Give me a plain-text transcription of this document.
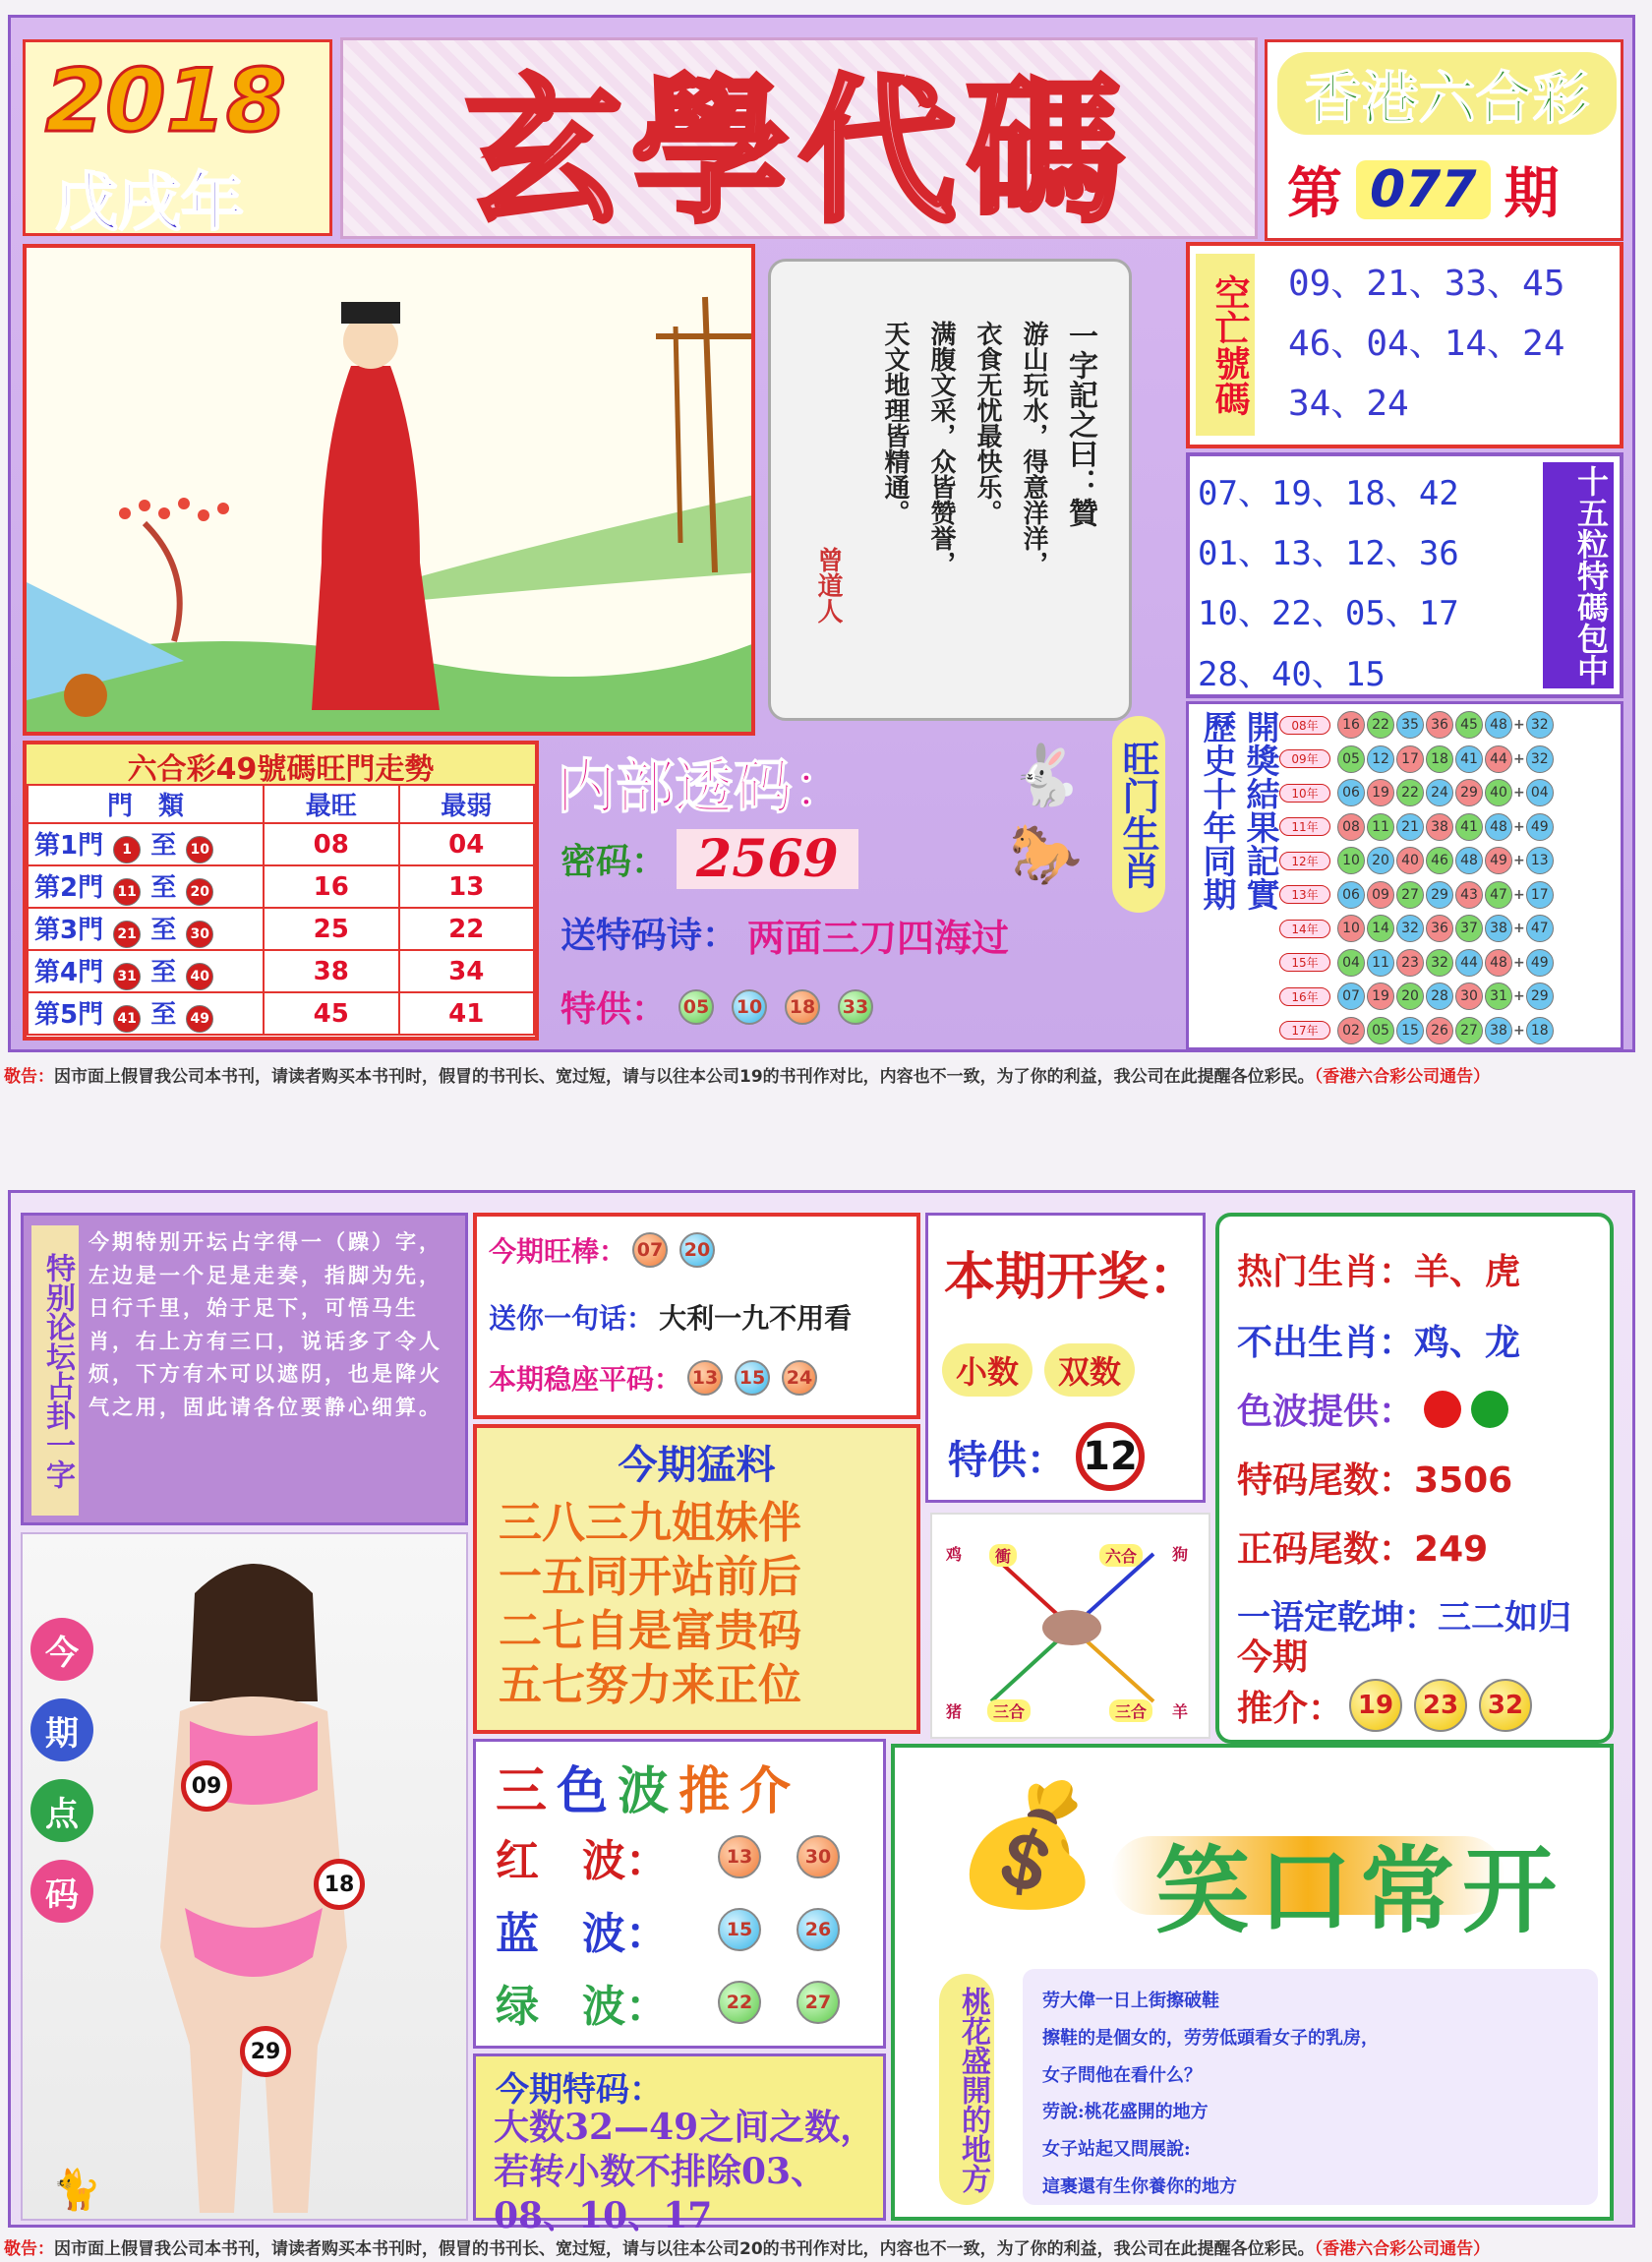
2018
戊戌年 玄學代碼	香港六合彩
第 077 期
一字記之曰：贊
游山玩水，得意洋洋，
衣食无忧最快乐。
满腹文采，众皆赞誉，
天文地理皆精通。
曾道人
空亡號碼 09、21、33、45
46、04、14、24
34、24
07、19、18、42
01、13、12、36
10、22、05、17
28、40、15	十五粒特碼包中
六合彩49號碼旺門走勢
門　類	最旺	最弱
第1門 1 至 10	08	04
第2門 11 至 20	16	13
第3門 21 至 30	25	22
第4門 31 至 40	38	34
第5門 41 至 49	45	41
内部透码：
密码： 2569
送特码诗： 两面三刀四海过
特供： 05 10 18 33
🐇
🐎 旺门生肖 歷史十年同期 開獎結果記實	08年	16 22 35 36 45 48 + 32
09年	05 12 17 18 41 44 + 32
10年	06 19 22 24 29 40 + 04
11年	08 11 21 38 41 48 + 49
12年	10 20 40 46 48 49 + 13
13年	06 09 27 29 43 47 + 17
14年	10 14 32 36 37 38 + 47
15年	04 11 23 32 44 48 + 49
16年	07 19 20 28 30 31 + 29
17年	02 05 15 26 27 38 + 18
敬告：因市面上假冒我公司本书刊，请读者购买本书刊时，假冒的书刊长、宽过短，请与以往本公司19的书刊作对比，内容也不一致，为了你的利益，我公司在此提醒各位彩民。（香港六合彩公司通告）
特别论坛占卦一字
今期特别开坛占字得一（躁）字，左边是一个足是走奏，指脚为先，日行千里，始于足下，可悟马生肖，右上方有三口，说话多了令人烦，下方有木可以遮阴，也是降火气之用，固此请各位要静心细算。
今期旺棒： 07 20
送你一句话： 大利一九不用看
本期稳座平码： 13 15 24
本期开奖：
小数	双数
特供： 12
热门生肖：羊、虎
不出生肖：鸡、龙
色波提供：
特码尾数：3506
正码尾数：249
一语定乾坤：三二如归
今期
推介： 19	23	32
🐈
今
期
点
码
09
18
29
今期猛料
三八三九姐妹伴
一五同开站前后
二七自是富贵码
五七努力来正位
鸡	衝	六合	狗
猪	三合	三合	羊
三 色 波 推 介
红　波：	13	30
蓝　波：	15	26
绿　波：	22	27
今期特码：
大数32—49之间之数，若转小数不排除03、08、10、17
💰 笑口常开
桃花盛開的地方	劳大偉一日上街擦破鞋
擦鞋的是個女的，劳劳低頭看女子的乳房，
女子問他在看什么？
劳說:桃花盛開的地方
女子站起又問展說:
這裹還有生你養你的地方
敬告：因市面上假冒我公司本书刊，请读者购买本书刊时，假冒的书刊长、宽过短，请与以往本公司20的书刊作对比，内容也不一致，为了你的利益，我公司在此提醒各位彩民。（香港六合彩公司通告）
